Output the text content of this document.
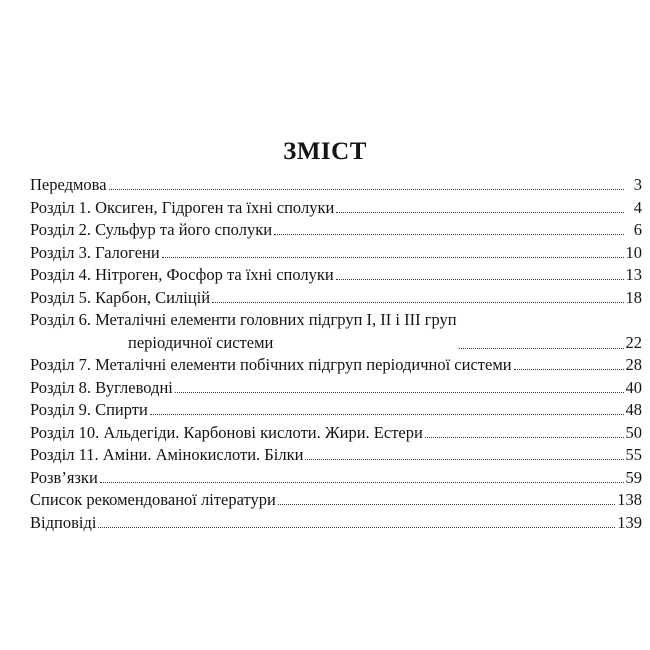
ЗМІСТ
Передмова	3
Розділ 1. Оксиген, Гідроген та їхні сполуки	4
Розділ 2. Сульфур та його сполуки	6
Розділ 3. Галогени	10
Розділ 4. Нітроген, Фосфор та їхні сполуки	13
Розділ 5. Карбон, Силіцій	18
Розділ 6. Металічні елементи головних підгруп I, II і III груп
періодичної системи	22
Розділ 7. Металічні елементи побічних підгруп періодичної системи	28
Розділ 8. Вуглеводні	40
Розділ 9. Спирти	48
Розділ 10. Альдегіди. Карбонові кислоти. Жири. Естери	50
Розділ 11. Аміни. Амінокислоти. Білки	55
Розв’язки	59
Список рекомендованої літератури	138
Відповіді	139
